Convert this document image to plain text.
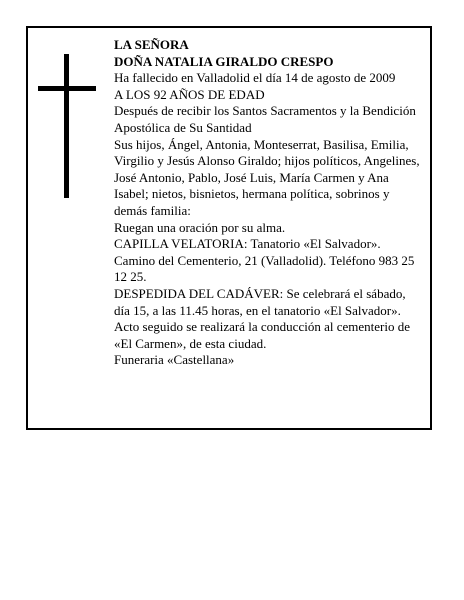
LA SEÑORA

DOÑA NATALIA GIRALDO CRESPO

Ha fallecido en Valladolid el día 14 de agosto de 2009

A LOS 92 AÑOS DE EDAD

Después de recibir los Santos Sacramentos y la Bendición Apostólica de Su Santidad

Sus hijos, Ángel, Antonia, Monteserrat, Basilisa, Emilia, Virgilio y Jesús Alonso Giraldo; hijos políticos, Angelines, José Antonio, Pablo, José Luis, María Carmen y Ana Isabel; nietos, bisnietos, hermana política, sobrinos y demás familia:

Ruegan una oración por su alma.

CAPILLA VELATORIA: Tanatorio «El Salvador». Camino del Cementerio, 21 (Valladolid). Teléfono 983 25 12 25.

DESPEDIDA DEL CADÁVER: Se celebrará el sábado, día 15, a las 11.45 horas, en el tanatorio «El Salvador». Acto seguido se realizará la conducción al cementerio de «El Carmen», de esta ciudad.

Funeraria «Castellana»
